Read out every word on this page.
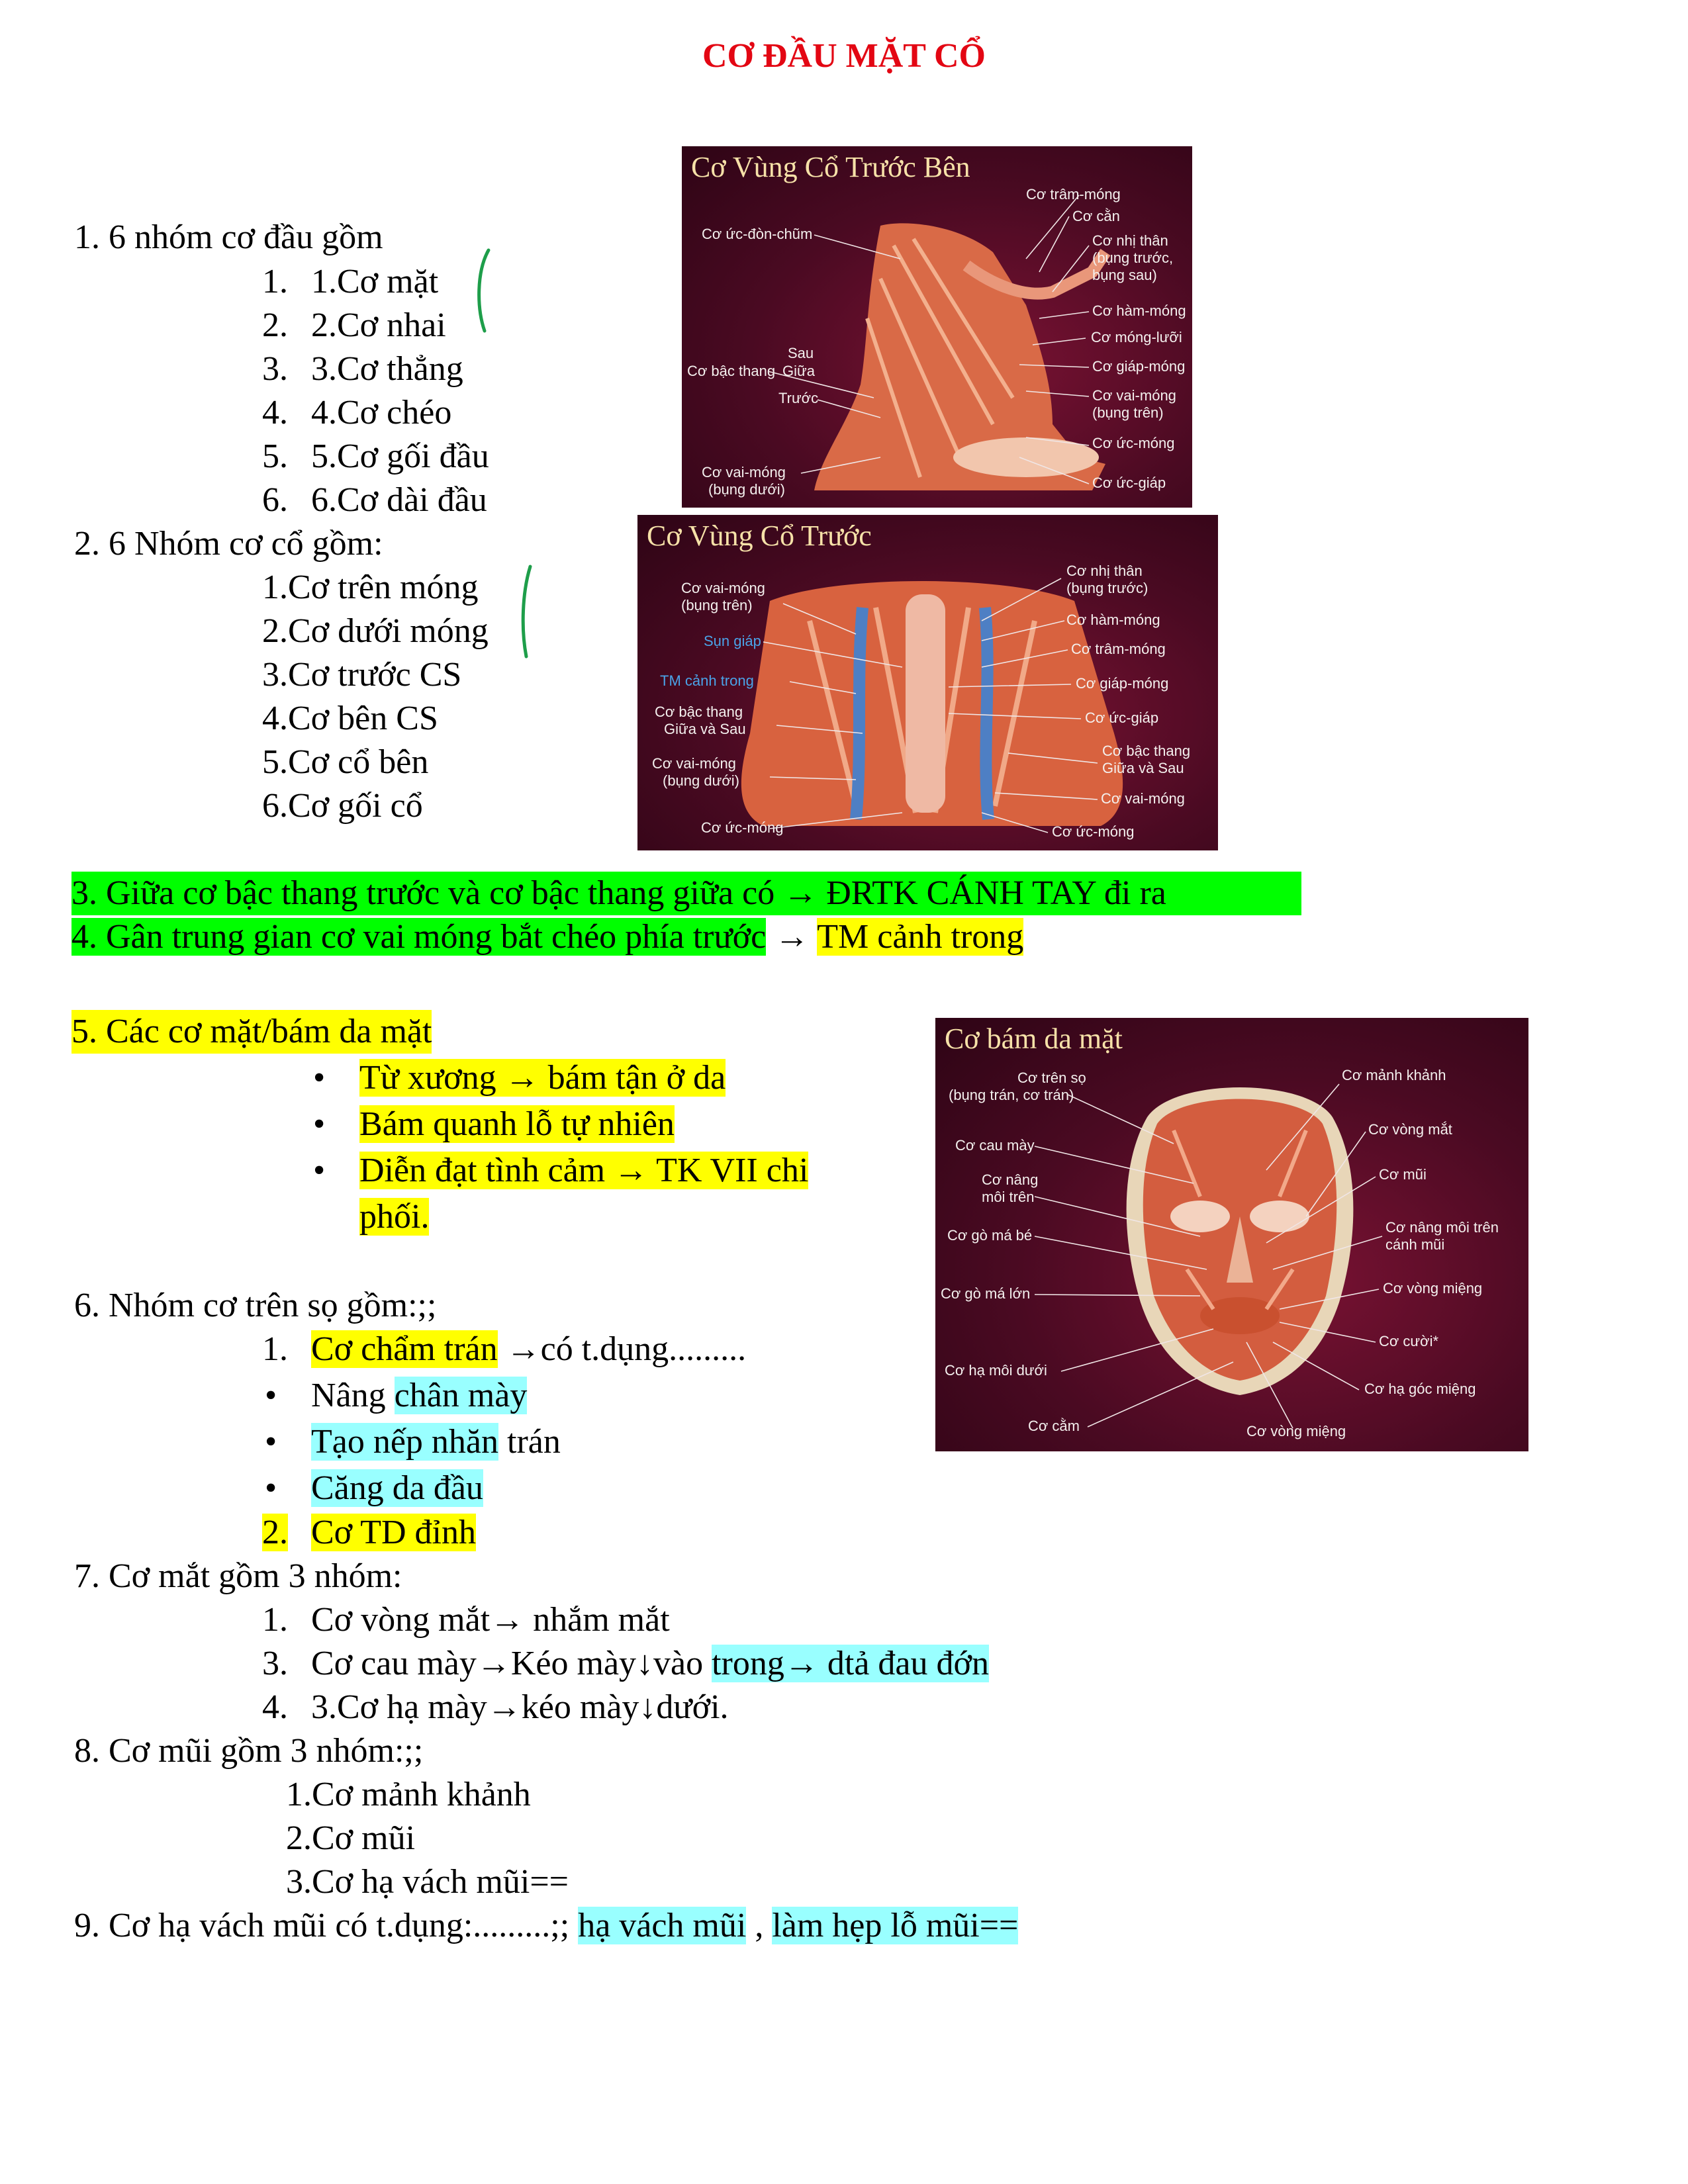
CƠ ĐẦU MẶT CỔ
1. 6 nhóm cơ đầu gồm
1. 1.Cơ mặt
2. 2.Cơ nhai
3. 3.Cơ thẳng
4. 4.Cơ chéo
5. 5.Cơ gối đầu
6. 6.Cơ dài đầu
2. 6 Nhóm cơ cổ gồm:
1.Cơ trên móng
2.Cơ dưới móng
3.Cơ trước CS
4.Cơ bên CS
5.Cơ cổ bên
6.Cơ gối cổ
3. Giữa cơ bậc thang trước và cơ bậc thang giữa có → ĐRTK CÁNH TAY đi ra
4. Gân trung gian cơ vai móng bắt chéo phía trước → TM cảnh trong
5. Các cơ mặt/bám da mặt
• Từ xương → bám tận ở da
• Bám quanh lỗ tự nhiên
• Diễn đạt tình cảm → TK VII chi
phối.
6. Nhóm cơ trên sọ gồm:;;
1. Cơ chẩm trán →có t.dụng.........
• Nâng chân mày
• Tạo nếp nhăn trán
• Căng da đầu
2. Cơ TD đỉnh
7. Cơ mắt gồm 3 nhóm:
1. Cơ vòng mắt→ nhắm mắt
3. Cơ cau mày→Kéo mày↓vào trong→ dtả đau đớn
4. 3.Cơ hạ mày→kéo mày↓dưới.
8. Cơ mũi gồm 3 nhóm:;;
1.Cơ mảnh khảnh
2.Cơ mũi
3.Cơ hạ vách mũi==
9. Cơ hạ vách mũi có t.dụng:.........;; hạ vách mũi , làm hẹp lỗ mũi==
Cơ Vùng Cổ Trước Bên
Cơ ức-đòn-chũm
Sau
Cơ bậc thang Giữa
Trước
Cơ vai-móng
(bụng dưới)
Cơ trâm-móng
Cơ cằn
Cơ nhị thân
(bụng trước,
bụng sau)
Cơ hàm-móng
Cơ móng-lưỡi
Cơ giáp-móng
Cơ vai-móng
(bụng trên)
Cơ ức-móng
Cơ ức-giáp
Cơ Vùng Cổ Trước
Cơ vai-móng
(bụng trên)
Sụn giáp
TM cảnh trong
Cơ bậc thang
Giữa và Sau
Cơ vai-móng
(bụng dưới)
Cơ ức-móng
Cơ nhị thân
(bụng trước)
Cơ hàm-móng
Cơ trâm-móng
Cơ giáp-móng
Cơ ức-giáp
Cơ bậc thang
Giữa và Sau
Cơ vai-móng
Cơ ức-móng
Cơ bám da mặt
Cơ trên sọ
(bụng trán, cơ trán)
Cơ cau mày
Cơ nâng
môi trên
Cơ gò má bé
Cơ gò má lớn
Cơ hạ môi dưới
Cơ cằm
Cơ mảnh khảnh
Cơ vòng mắt
Cơ mũi
Cơ nâng môi trên
cánh mũi
Cơ vòng miệng
Cơ cười*
Cơ hạ góc miệng
Cơ vòng miệng
